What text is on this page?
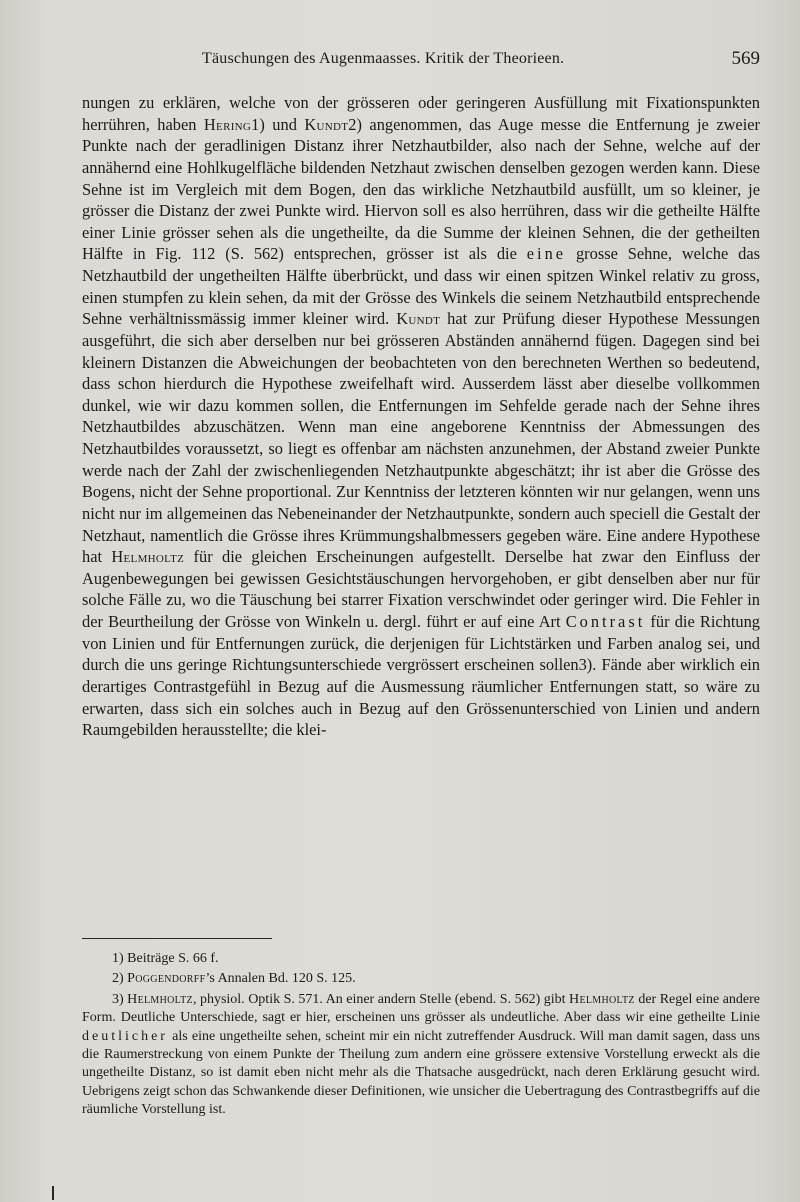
Täuschungen des Augenmaasses. Kritik der Theorieen.	569

nungen zu erklären, welche von der grösseren oder geringeren Ausfüllung mit Fixationspunkten herrühren, haben Hering1) und Kundt2) angenommen, das Auge messe die Entfernung je zweier Punkte nach der geradlinigen Distanz ihrer Netzhautbilder, also nach der Sehne, welche auf der annähernd eine Hohlkugelfläche bildenden Netzhaut zwischen denselben gezogen werden kann. Diese Sehne ist im Vergleich mit dem Bogen, den das wirkliche Netzhautbild ausfüllt, um so kleiner, je grösser die Distanz der zwei Punkte wird. Hiervon soll es also herrühren, dass wir die getheilte Hälfte einer Linie grösser sehen als die ungetheilte, da die Summe der kleinen Sehnen, die der getheilten Hälfte in Fig. 112 (S. 562) entsprechen, grösser ist als die eine grosse Sehne, welche das Netzhautbild der ungetheilten Hälfte überbrückt, und dass wir einen spitzen Winkel relativ zu gross, einen stumpfen zu klein sehen, da mit der Grösse des Winkels die seinem Netzhautbild entsprechende Sehne verhältnissmässig immer kleiner wird. Kundt hat zur Prüfung dieser Hypothese Messungen ausgeführt, die sich aber derselben nur bei grösseren Abständen annähernd fügen. Dagegen sind bei kleinern Distanzen die Abweichungen der beobachteten von den berechneten Werthen so bedeutend, dass schon hierdurch die Hypothese zweifelhaft wird. Ausserdem lässt aber dieselbe vollkommen dunkel, wie wir dazu kommen sollen, die Entfernungen im Sehfelde gerade nach der Sehne ihres Netzhautbildes abzuschätzen. Wenn man eine angeborene Kenntniss der Abmessungen des Netzhautbildes voraussetzt, so liegt es offenbar am nächsten anzunehmen, der Abstand zweier Punkte werde nach der Zahl der zwischenliegenden Netzhautpunkte abgeschätzt; ihr ist aber die Grösse des Bogens, nicht der Sehne proportional. Zur Kenntniss der letzteren könnten wir nur gelangen, wenn uns nicht nur im allgemeinen das Nebeneinander der Netzhautpunkte, sondern auch speciell die Gestalt der Netzhaut, namentlich die Grösse ihres Krümmungshalbmessers gegeben wäre. Eine andere Hypothese hat Helmholtz für die gleichen Erscheinungen aufgestellt. Derselbe hat zwar den Einfluss der Augenbewegungen bei gewissen Gesichtstäuschungen hervorgehoben, er gibt denselben aber nur für solche Fälle zu, wo die Täuschung bei starrer Fixation verschwindet oder geringer wird. Die Fehler in der Beurtheilung der Grösse von Winkeln u. dergl. führt er auf eine Art Contrast für die Richtung von Linien und für Entfernungen zurück, die derjenigen für Lichtstärken und Farben analog sei, und durch die uns geringe Richtungsunterschiede vergrössert erscheinen sollen3). Fände aber wirklich ein derartiges Contrastgefühl in Bezug auf die Ausmessung räumlicher Entfernungen statt, so wäre zu erwarten, dass sich ein solches auch in Bezug auf den Grössenunterschied von Linien und andern Raumgebilden herausstellte; die klei-

1) Beiträge S. 66 f.

2) Poggendorff’s Annalen Bd. 120 S. 125.

3) Helmholtz, physiol. Optik S. 571. An einer andern Stelle (ebend. S. 562) gibt Helmholtz der Regel eine andere Form. Deutliche Unterschiede, sagt er hier, erscheinen uns grösser als undeutliche. Aber dass wir eine getheilte Linie deutlicher als eine ungetheilte sehen, scheint mir ein nicht zutreffender Ausdruck. Will man damit sagen, dass uns die Raumerstreckung von einem Punkte der Theilung zum andern eine grössere extensive Vorstellung erweckt als die ungetheilte Distanz, so ist damit eben nicht mehr als die Thatsache ausgedrückt, nach deren Erklärung gesucht wird. Uebrigens zeigt schon das Schwankende dieser Definitionen, wie unsicher die Uebertragung des Contrastbegriffs auf die räumliche Vorstellung ist.
